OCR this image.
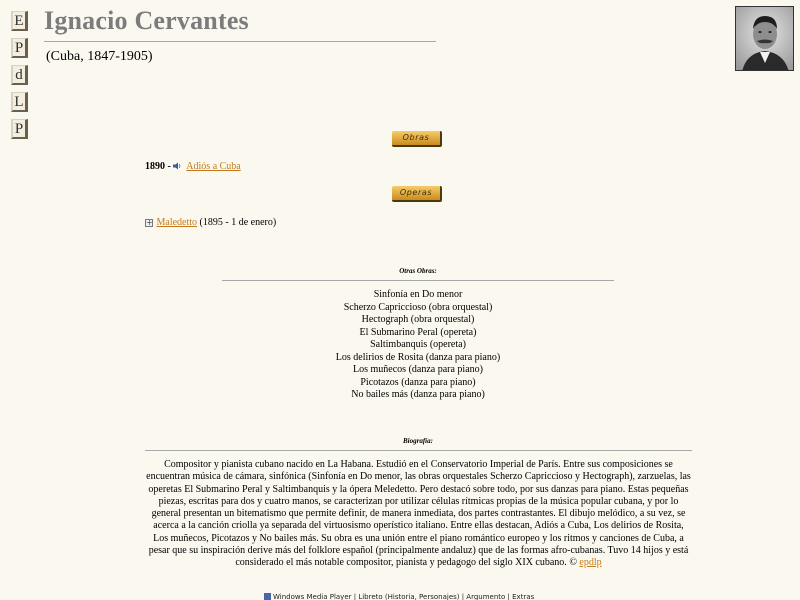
E
P
d
L
P
Ignacio Cervantes
(Cuba, 1847-1905)
Obras
1890 - Adiós a Cuba
Operas
+ Maledetto (1895 - 1 de enero)
Otras Obras:
Sinfonía en Do menor
Scherzo Capriccioso (obra orquestal)
Hectograph (obra orquestal)
El Submarino Peral (opereta)
Saltimbanquis (opereta)
Los delirios de Rosita (danza para piano)
Los muñecos (danza para piano)
Picotazos (danza para piano)
No bailes más (danza para piano)
Biografía:
Compositor y pianista cubano nacido en La Habana. Estudió en el Conservatorio Imperial de París. Entre sus composiciones se encuentran música de cámara, sinfónica (Sinfonía en Do menor, las obras orquestales Scherzo Capriccioso y Hectograph), zarzuelas, las operetas El Submarino Peral y Saltimbanquis y la ópera Meledetto. Pero destacó sobre todo, por sus danzas para piano. Estas pequeñas piezas, escritas para dos y cuatro manos, se caracterizan por utilizar células rítmicas propias de la música popular cubana, y por lo general presentan un bitematismo que permite definir, de manera inmediata, dos partes contrastantes. El dibujo melódico, a su vez, se acerca a la canción criolla ya separada del virtuosismo operístico italiano. Entre ellas destacan, Adiós a Cuba, Los delirios de Rosita, Los muñecos, Picotazos y No bailes más. Su obra es una unión entre el piano romántico europeo y los ritmos y canciones de Cuba, a pesar que su inspiración derive más del folklore español (principalmente andaluz) que de las formas afro-cubanas. Tuvo 14 hijos y está considerado el más notable compositor, pianista y pedagogo del siglo XIX cubano. © epdlp
Windows Media Player | Libreto (Historia, Personajes) | Argumento | Extras
